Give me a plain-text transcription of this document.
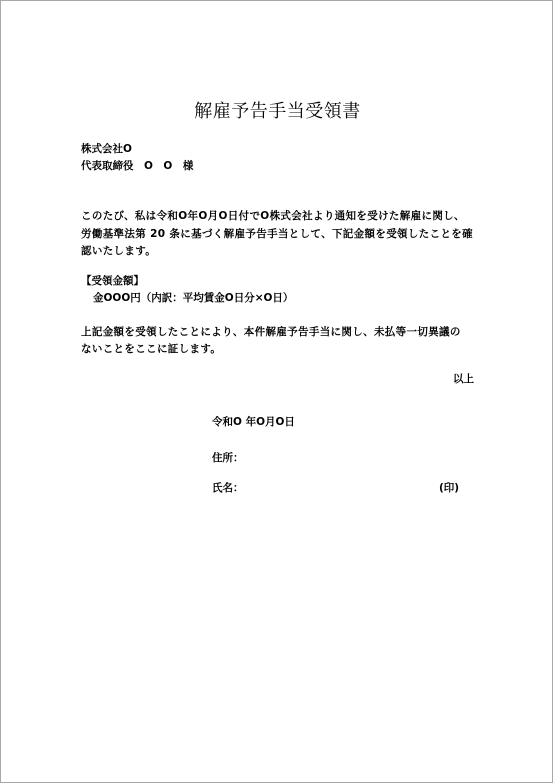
解雇予告手当受領書
株式会社O
代表取締役　O　O　様
このたび、私は令和O年O月O日付でO株式会社より通知を受けた解雇に関し、
労働基準法第 20 条に基づく解雇予告手当として、下記金額を受領したことを確
認いたします。
【受領金額】
金OOO円（内訳：平均賃金O日分×O日）
上記金額を受領したことにより、本件解雇予告手当に関し、未払等一切異議の
ないことをここに証します。
以上
令和O 年O月O日
住所：
氏名：	(印)
